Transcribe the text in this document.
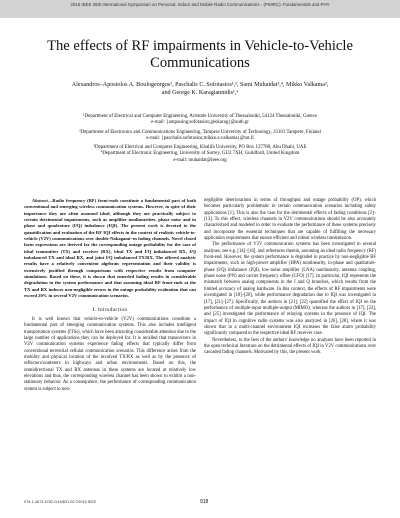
2015 IEEE 26th International Symposium on Personal, Indoor and Mobile Radio Communications - (PIMRC): Fundamentals and PHY
The effects of RF impairments in Vehicle-to-Vehicle Communications
Alexandros–Apostolos A. Boulogeorgos¹, Paschalis C. Sofotasios¹,², Sami Muhaidat³,⁴, Mikko Valkama²,
and George K. Karagiannidis¹,³
¹Department of Electrical and Computer Engineering, Aristotle University of Thessaloniki, 54124 Thessaloniki, Greece
e-mail: {ampoulog;sofotasios;geokarag}@auth.gr
²Department of Electronics and Communications Engineering, Tampere University of Technology, 33101 Tampere, Finland
e-mail: {paschalis.sofotasios;mikko.e.valkama}@tut.fi
³Department of Electrical and Computer Engineering, Khalifa University, PO Box 127788, Abu Dhabi, UAE
⁴Department of Electronic Engineering, University of Surrey, GU2 7XH, Guildford, United Kingdom
e-mail: muhaidat@ieee.org

Abstract—Radio frequency (RF) front-ends constitute a fundamental part of both conventional and emerging wireless communication systems. However, in spite of their importance they are often assumed ideal, although they are practically subject to certain detrimental impairments, such as amplifier nonlinearities, phase noise and in phase and quadrature (I/Q) imbalance (IQI). The present work is devoted to the quantification and evaluation of the RF IQI effects in the context of realistic vehicle-to-vehicle (V2V) communications over double-Nakagami−m fading channels. Novel closed form expressions are derived for the corresponding outage probability for the case of ideal transmitter (TX) and receiver (RX), ideal TX and I/Q imbalanced RX, I/Q imbalanced TX and ideal RX, and joint I/Q imbalanced TX/RX. The offered analytic results have a relatively convenient algebraic representation and their validity is extensively justified through comparisons with respective results from computer simulations. Based on these, it is shown that emerded fading results in considerable degradation in the system performance and that assuming ideal RF front-ends at the TX and RX induces non-negligible errors in the outage probability evaluation that can exceed 20% in several V2V communication scenarios.

I. Introduction

It is well known that vehicle-to-vehicle (V2V) communications constitute a fundamental part of emerging communication systems. This also includes intelligent transportation systems (ITSs), which have been attracting considerable attention due to the large number of applications they can be deployed for. It is recalled that transceivers in V2V communication systems experience fading effects that typically differ from conventional terrestrial cellular communication scenarios. This difference arises from the mobility and physical location of the involved TX/RX as well as by the presence of reflectors/scatterers in highways and urban environments. Based on this, the omnidirectional TX and RX antennas in these systems are located at relatively low elevations and thus, the corresponding wireless channel has been shown to exhibit a non-stationary behavior. As a consequence, the performance of corresponding communication system is subject to non-

negligible deteriorations in terms of throughput and outage probability (OP), which becomes particularly problematic in certain communication scenarios including safety applications [1]. This is also the case for the detrimental effects of fading conditions [2]–[13]. To this effect, wireless channels in V2V communications should be also accurately characterized and modeled in order to evaluate the performance of these systems precisely and incorporate the essential techniques that are capable of fulfilling the necessary application requirements that ensure efficient and robust wireless transmission.

The performance of V2V communication systems has been investigated in several analyses, see e.g. [14]–[16], and references therein, assuming an ideal radio frequency (RF) front-end. However, the system performance is degraded in practice by non-negligible RF impairments, such as high-power amplifier (HPA) nonlinearity, in-phase and quadrature-phase (I/Q) imbalance (IQI), low-noise amplifier (LNA) nonlinearity, antenna coupling, phase noise (PN) and carrier frequency offset (CFO) [17]. In particular, IQI represents the mismatch between analog components in the I and Q branches, which results from the limited accuracy of analog hardware. In this context, the effects of RF impairments were investigated in [18]–[20], while performance degradation due to IQI was investigated in [17], [21]–[27]. Specifically, the authors in [21], [22] quantified the effect of IQI on the performance of multiple-input multiple-output (MIMO), whereas the authors in [17], [23], and [25] investigated the performance of relaying systems in the presence of IQI. The impact of IQI in cognitive radio systems was also analyzed in [26], [28], where it was shown that in a multi-channel environment IQI increases the false alarm probability significantly compared to the respective ideal RF receiver case.

Nevertheless, to the best of the authors' knowledge no analyses have been reported in the open technical literature on the detrimental effects of IQI in V2V communications over cascaded fading channels. Motivated by this, the present work

978-1-4673-6782-0/15/$31.00 ©2015 IEEE	918
